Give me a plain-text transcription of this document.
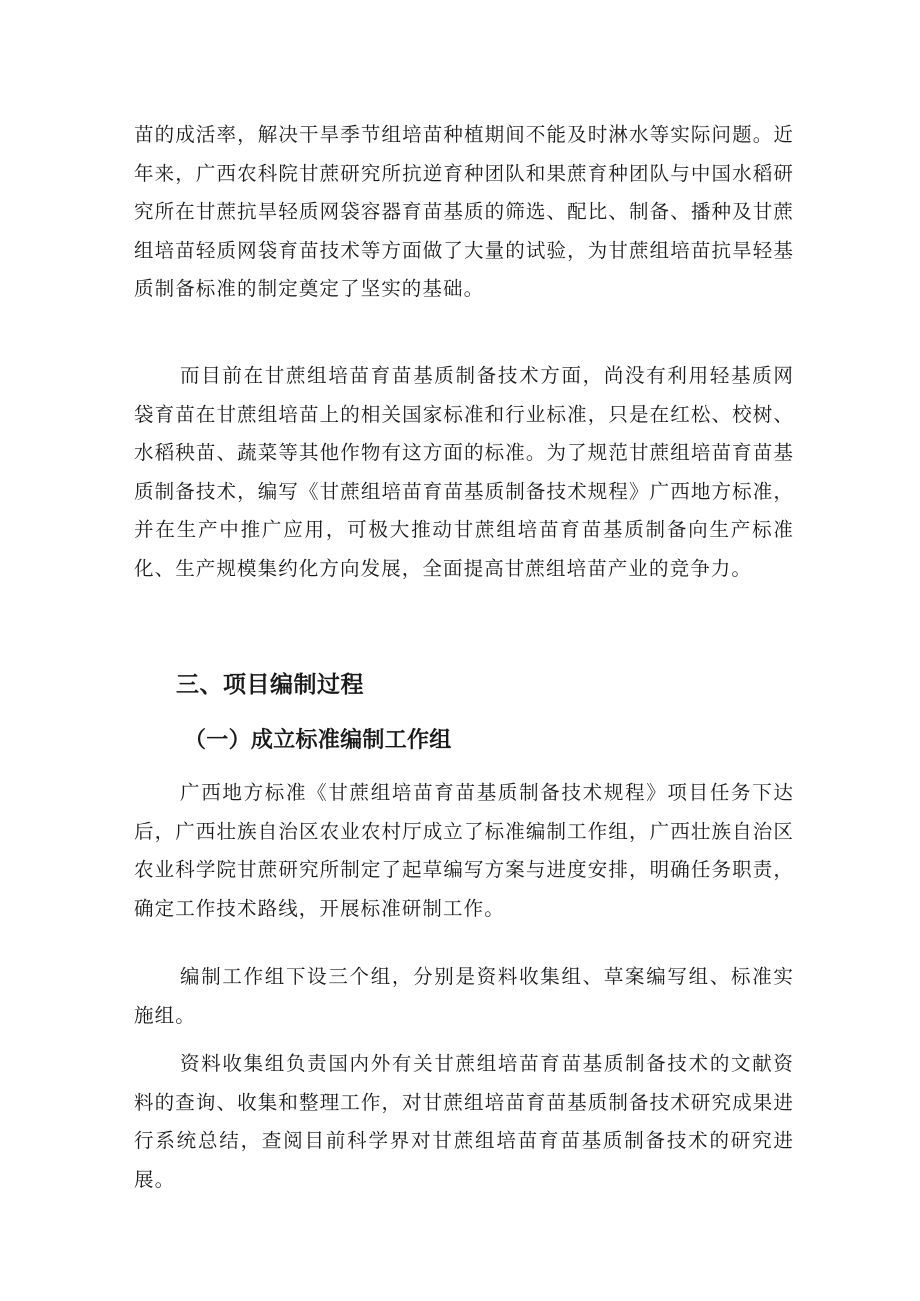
苗的成活率，解决干旱季节组培苗种植期间不能及时淋水等实际问题。近年来，广西农科院甘蔗研究所抗逆育种团队和果蔗育种团队与中国水稻研究所在甘蔗抗旱轻质网袋容器育苗基质的筛选、配比、制备、播种及甘蔗组培苗轻质网袋育苗技术等方面做了大量的试验，为甘蔗组培苗抗旱轻基质制备标准的制定奠定了坚实的基础。

而目前在甘蔗组培苗育苗基质制备技术方面，尚没有利用轻基质网袋育苗在甘蔗组培苗上的相关国家标准和行业标准，只是在红松、校树、水稻秧苗、蔬菜等其他作物有这方面的标准。为了规范甘蔗组培苗育苗基质制备技术，编写《甘蔗组培苗育苗基质制备技术规程》广西地方标准，并在生产中推广应用，可极大推动甘蔗组培苗育苗基质制备向生产标准化、生产规模集约化方向发展，全面提高甘蔗组培苗产业的竞争力。

三、项目编制过程
（一）成立标准编制工作组

广西地方标准《甘蔗组培苗育苗基质制备技术规程》项目任务下达后，广西壮族自治区农业农村厅成立了标准编制工作组，广西壮族自治区农业科学院甘蔗研究所制定了起草编写方案与进度安排，明确任务职责，确定工作技术路线，开展标准研制工作。

编制工作组下设三个组，分别是资料收集组、草案编写组、标准实施组。

资料收集组负责国内外有关甘蔗组培苗育苗基质制备技术的文献资料的查询、收集和整理工作，对甘蔗组培苗育苗基质制备技术研究成果进行系统总结，查阅目前科学界对甘蔗组培苗育苗基质制备技术的研究进展。
